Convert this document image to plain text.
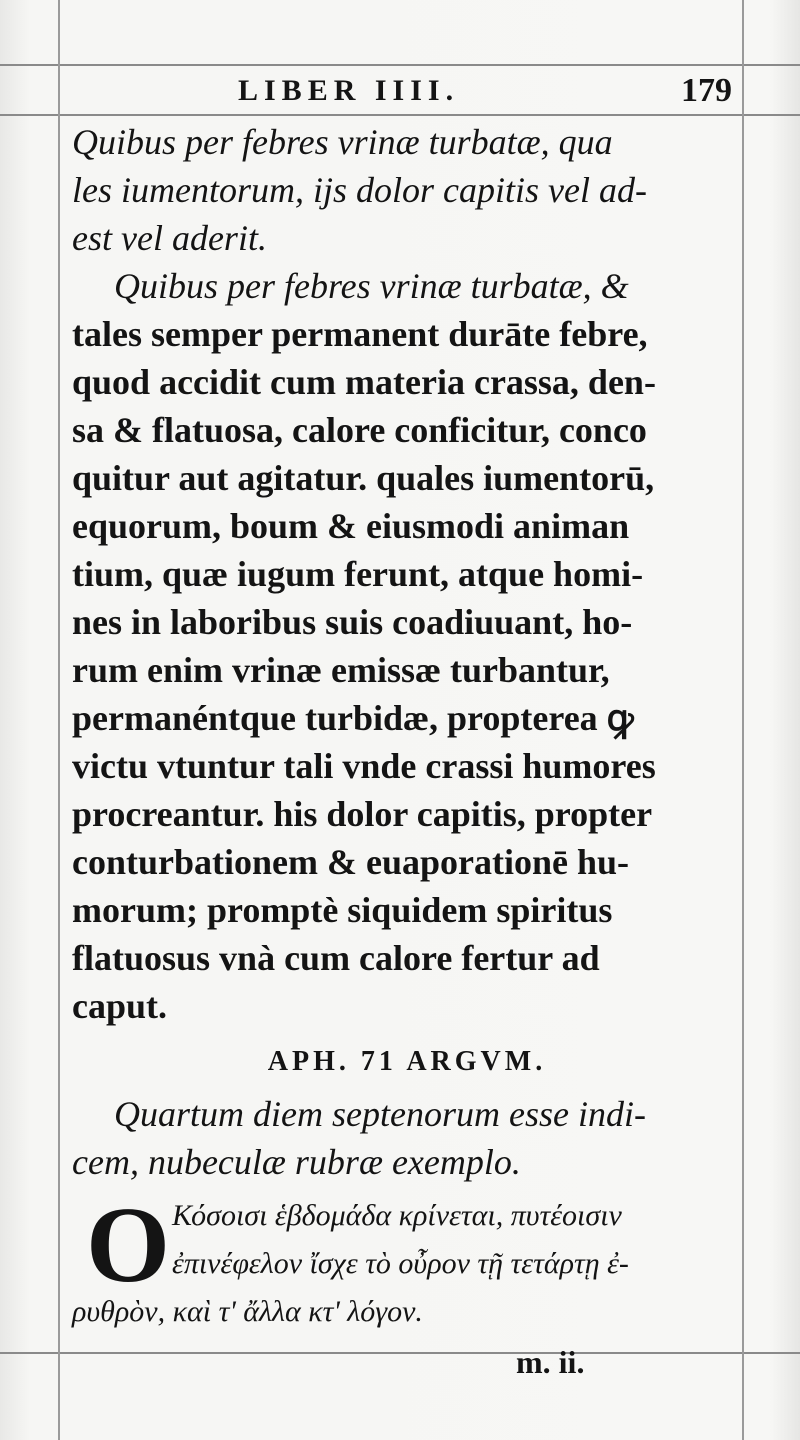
LIBER IIII.	179
Quibus per febres vrinæ turbatæ, qua
les iumentorum, ijs dolor capitis vel ad-
est vel aderit.
Quibus per febres vrinæ turbatæ, &
tales semper permanent durāte febre,
quod accidit cum materia crassa, den-
sa & flatuosa, calore conficitur, conco
quitur aut agitatur. quales iumentorū,
equorum, boum & eiusmodi animan
tium, quæ iugum ferunt, atque homi-
nes in laboribus suis coadiuuant, ho-
rum enim vrinæ emissæ turbantur,
permanéntque turbidæ, propterea ꝙ
victu vtuntur tali vnde crassi humores
procreantur. his dolor capitis, propter
conturbationem & euaporationē hu-
morum; promptè siquidem spiritus
flatuosus vnà cum calore fertur ad
caput.
APH. 71 ARGVM.
Quartum diem septenorum esse indi-
cem, nubeculæ rubræ exemplo.
O Κόσοισι ἑβδομάδα κρίνεται, πυτέοισιν
ἐπινέφελον ἴσχε τὸ οὖρον τῇ τετάρτῃ ἐ-
ρυθρὸν, καὶ τ' ἄλλα κτ' λόγον.
m. ii.
